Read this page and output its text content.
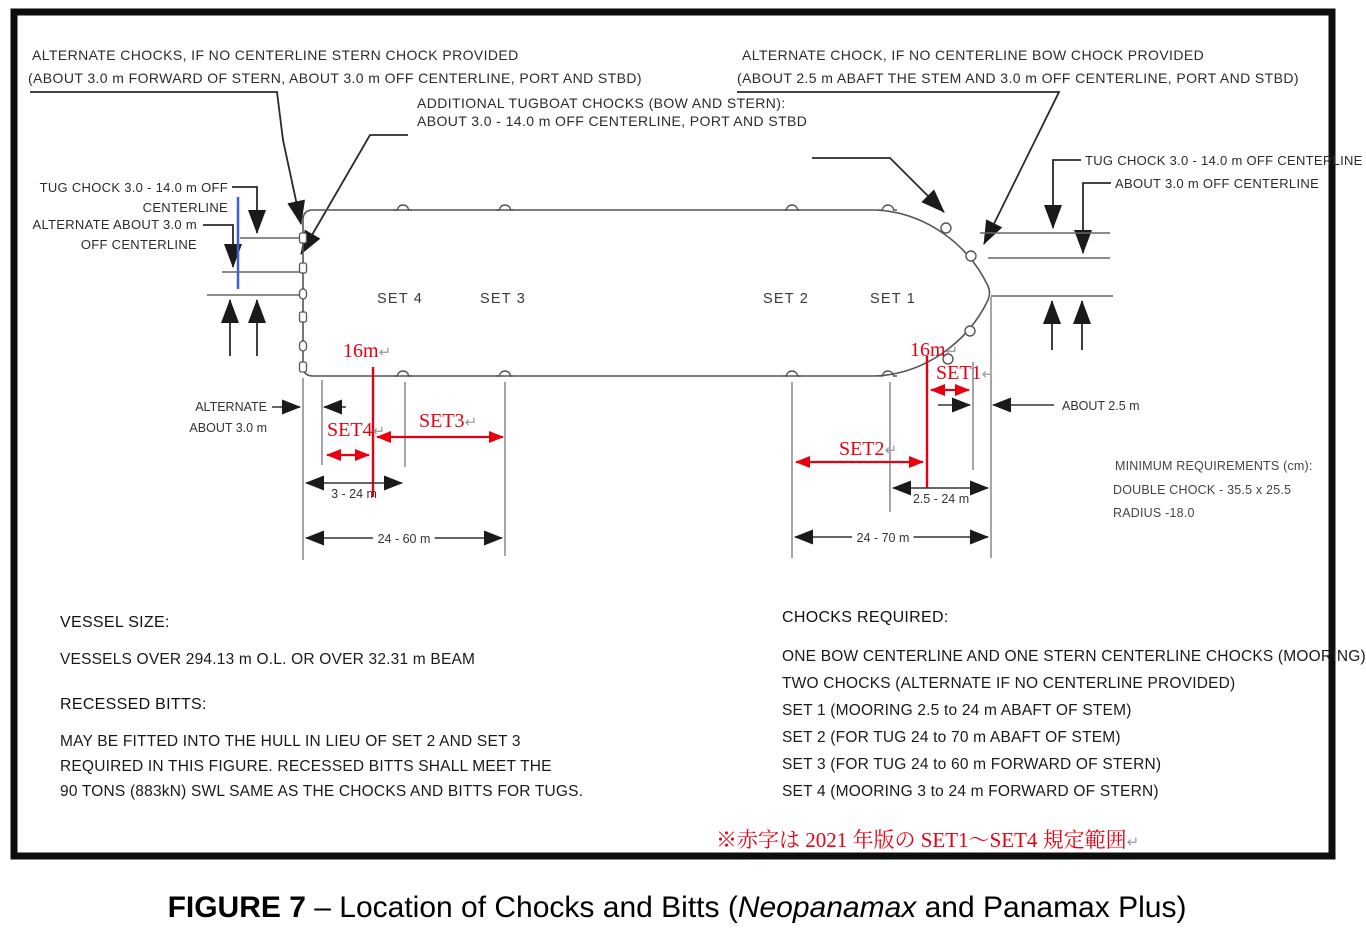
ALTERNATE CHOCKS, IF NO CENTERLINE STERN CHOCK PROVIDED
(ABOUT 3.0 m FORWARD OF STERN, ABOUT 3.0 m OFF CENTERLINE, PORT AND STBD)
ADDITIONAL TUGBOAT CHOCKS (BOW AND STERN):
ABOUT 3.0 - 14.0 m OFF CENTERLINE, PORT AND STBD
ALTERNATE CHOCK, IF NO CENTERLINE BOW CHOCK PROVIDED
(ABOUT 2.5 m ABAFT THE STEM AND 3.0 m OFF CENTERLINE, PORT AND STBD)
TUG CHOCK 3.0 - 14.0 m OFF
CENTERLINE
ALTERNATE ABOUT 3.0 m
OFF CENTERLINE
TUG CHOCK 3.0 - 14.0 m OFF CENTERLINE
ABOUT 3.0 m OFF CENTERLINE
SET 4	SET 3	SET 2	SET 1
16m↵	16m↵
SET4↵ SET3↵
SET2↵
SET1↵
3 - 24 m
24 - 60 m
2.5 - 24 m
24 - 70 m
ALTERNATE
ABOUT 3.0 m
ABOUT 2.5 m
MINIMUM REQUIREMENTS (cm):
DOUBLE CHOCK - 35.5 x 25.5
RADIUS -18.0
VESSEL SIZE:
VESSELS OVER 294.13 m O.L. OR OVER 32.31 m BEAM
RECESSED BITTS:
MAY BE FITTED INTO THE HULL IN LIEU OF SET 2 AND SET 3
REQUIRED IN THIS FIGURE. RECESSED BITTS SHALL MEET THE
90 TONS (883kN) SWL SAME AS THE CHOCKS AND BITTS FOR TUGS.
CHOCKS REQUIRED:
ONE BOW CENTERLINE AND ONE STERN CENTERLINE CHOCKS (MOORING)
TWO CHOCKS (ALTERNATE IF NO CENTERLINE PROVIDED)
SET 1 (MOORING 2.5 to 24 m ABAFT OF STEM)
SET 2 (FOR TUG 24 to 70 m ABAFT OF STEM)
SET 3 (FOR TUG 24 to 60 m FORWARD OF STERN)
SET 4 (MOORING 3 to 24 m FORWARD OF STERN)
※赤字は 2021 年版の SET1～SET4 規定範囲↵
FIGURE 7 – Location of Chocks and Bitts (Neopanamax and Panamax Plus)
